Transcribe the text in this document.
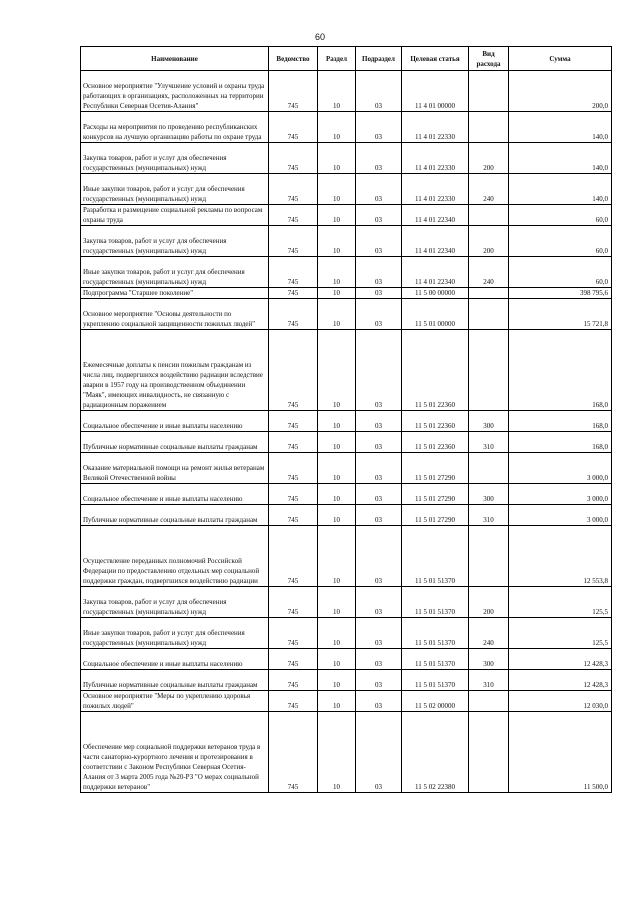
60
Наименование	Ведомство	Раздел	Подраздел	Целевая статья	Вид расхода	Сумма
Основное мероприятие "Улучшение условий и охраны труда работающих в организациях, расположенных на территории Республики Северная Осетия-Алания"	745	10	03	11 4 01 00000		200,0
Расходы на мероприятия по проведению республиканских конкурсов на лучшую организацию работы по охране труда	745	10	03	11 4 01 22330		140,0
Закупка товаров, работ и услуг для обеспечения государственных (муниципальных) нужд	745	10	03	11 4 01 22330	200	140,0
Иные закупки товаров, работ и услуг для обеспечения государственных (муниципальных) нужд	745	10	03	11 4 01 22330	240	140,0
Разработка и размещение социальной рекламы по вопросам охраны труда	745	10	03	11 4 01 22340		60,0
Закупка товаров, работ и услуг для обеспечения государственных (муниципальных) нужд	745	10	03	11 4 01 22340	200	60,0
Иные закупки товаров, работ и услуг для обеспечения государственных (муниципальных) нужд	745	10	03	11 4 01 22340	240	60,0
Подпрограмма "Старшее поколение"	745	10	03	11 5 00 00000		398 795,6
Основное мероприятие "Основы деятельности по укреплению социальной защищенности пожилых людей"	745	10	03	11 5 01 00000		15 721,8
Ежемесячные доплаты к пенсии пожилым гражданам из числа лиц, подвергшихся воздействию радиации вследствие аварии в 1957 году на производственном объединении "Маяк", имеющих инвалидность, не связанную с радиационным поражением	745	10	03	11 5 01 22360		168,0
Социальное обеспечение и иные выплаты населению	745	10	03	11 5 01 22360	300	168,0
Публичные нормативные социальные выплаты гражданам	745	10	03	11 5 01 22360	310	168,0
Оказание материальной помощи на ремонт жилья ветеранам Великой Отечественной войны	745	10	03	11 5 01 27290		3 000,0
Социальное обеспечение и иные выплаты населению	745	10	03	11 5 01 27290	300	3 000,0
Публичные нормативные социальные выплаты гражданам	745	10	03	11 5 01 27290	310	3 000,0
Осуществление переданных полномочий Российской Федерации по предоставлению отдельных мер социальной поддержки граждан, подвергшихся воздействию радиации	745	10	03	11 5 01 51370		12 553,8
Закупка товаров, работ и услуг для обеспечения государственных (муниципальных) нужд	745	10	03	11 5 01 51370	200	125,5
Иные закупки товаров, работ и услуг для обеспечения государственных (муниципальных) нужд	745	10	03	11 5 01 51370	240	125,5
Социальное обеспечение и иные выплаты населению	745	10	03	11 5 01 51370	300	12 428,3
Публичные нормативные социальные выплаты гражданам	745	10	03	11 5 01 51370	310	12 428,3
Основное мероприятие "Меры по укреплению здоровья пожилых людей"	745	10	03	11 5 02 00000		12 030,0
Обеспечение мер социальной поддержки ветеранов труда в части санаторно-курортного лечения и протезирования в соответствии с Законом Республики Северная Осетия-Алания от 3 марта 2005 года №20-РЗ "О мерах социальной поддержки ветеранов"	745	10	03	11 5 02 22380		11 500,0
